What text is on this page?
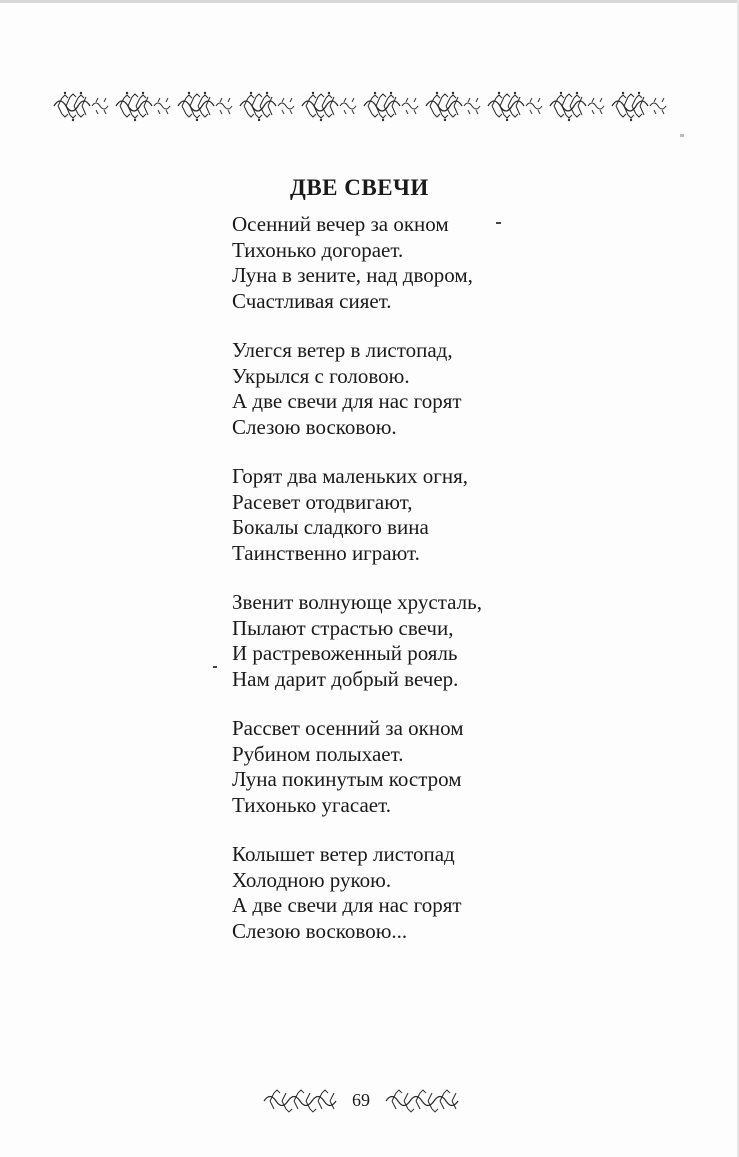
ДВЕ СВЕЧИ
Осенний вечер за окном
Тихонько догорает.
Луна в зените, над двором,
Счастливая сияет.
Улегся ветер в листопад,
Укрылся с головою.
А две свечи для нас горят
Слезою восковою.
Горят два маленьких огня,
Расевет отодвигают,
Бокалы сладкого вина
Таинственно играют.
Звенит волнующе хрусталь,
Пылают страстью свечи,
И растревоженный рояль
Нам дарит добрый вечер.
Рассвет осенний за окном
Рубином полыхает.
Луна покинутым костром
Тихонько угасает.
Колышет ветер листопад
Холодною рукою.
А две свечи для нас горят
Слезою восковою...
69
